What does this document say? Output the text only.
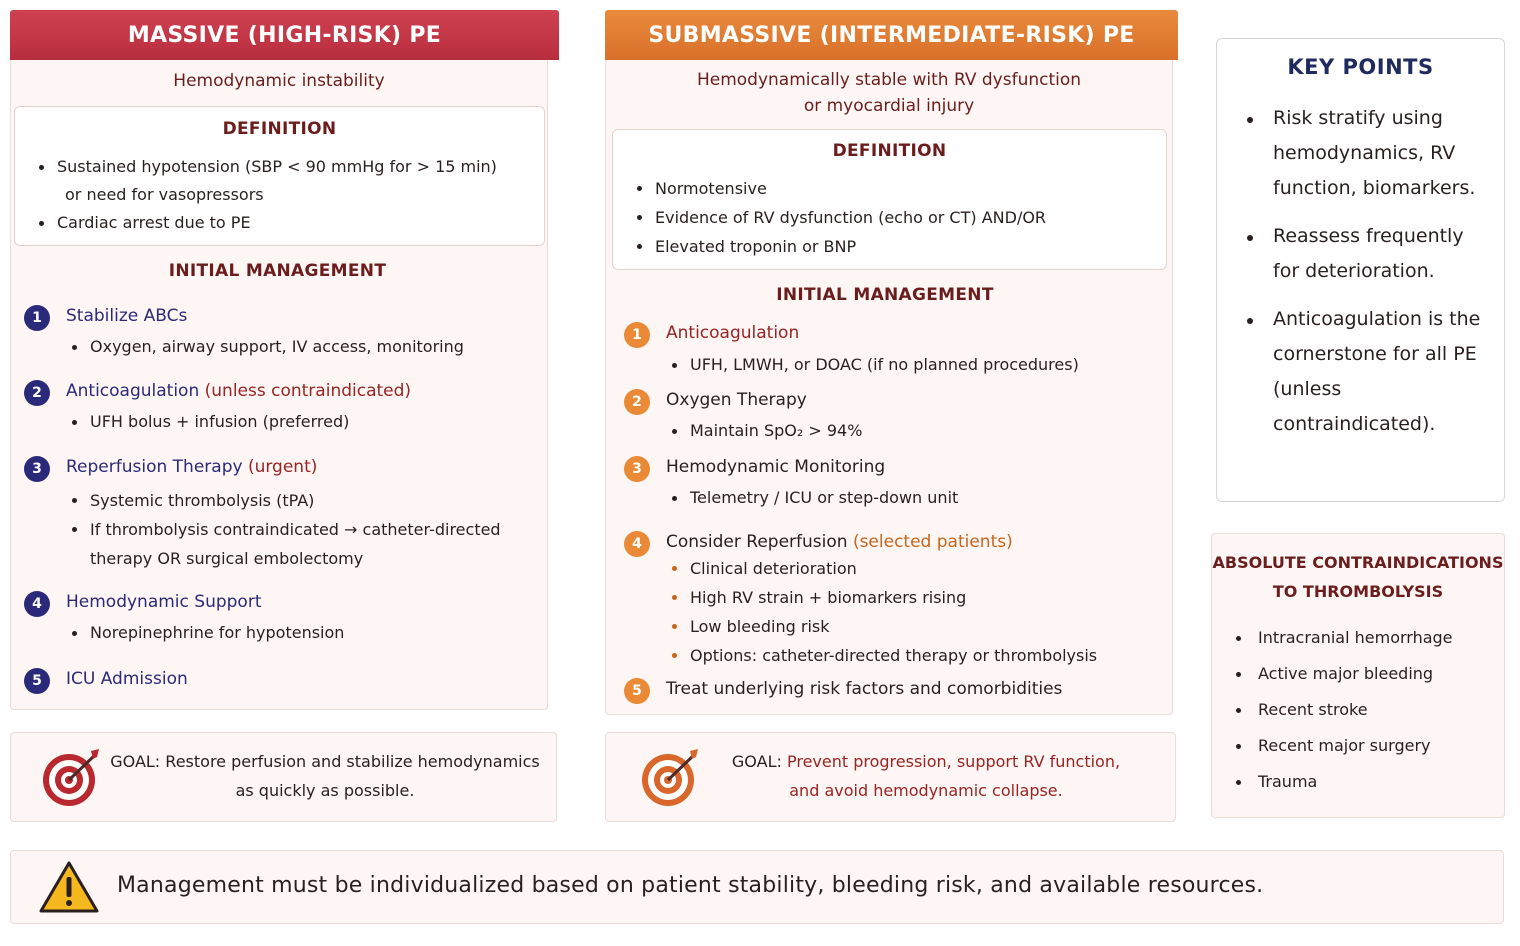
MASSIVE (HIGH-RISK) PE
Hemodynamic instability
DEFINITION
Sustained hypotension (SBP < 90 mmHg for > 15 min)
or need for vasopressors
Cardiac arrest due to PE
INITIAL MANAGEMENT
1	Stabilize ABCs
Oxygen, airway support, IV access, monitoring
2	Anticoagulation (unless contraindicated)
UFH bolus + infusion (preferred)
3	Reperfusion Therapy (urgent)
Systemic thrombolysis (tPA)
If thrombolysis contraindicated → catheter-directed
therapy OR surgical embolectomy
4	Hemodynamic Support
Norepinephrine for hypotension
5	ICU Admission
GOAL: Restore perfusion and stabilize hemodynamics
as quickly as possible.
SUBMASSIVE (INTERMEDIATE-RISK) PE
Hemodynamically stable with RV dysfunction
or myocardial injury
DEFINITION
Normotensive
Evidence of RV dysfunction (echo or CT) AND/OR
Elevated troponin or BNP
INITIAL MANAGEMENT
1	Anticoagulation
UFH, LMWH, or DOAC (if no planned procedures)
2	Oxygen Therapy
Maintain SpO₂ > 94%
3	Hemodynamic Monitoring
Telemetry / ICU or step-down unit
4	Consider Reperfusion (selected patients)
Clinical deterioration
High RV strain + biomarkers rising
Low bleeding risk
Options: catheter-directed therapy or thrombolysis
5	Treat underlying risk factors and comorbidities
GOAL: Prevent progression, support RV function,
and avoid hemodynamic collapse.
KEY POINTS
Risk stratify using hemodynamics, RV function, biomarkers.
Reassess frequently for deterioration.
Anticoagulation is the cornerstone for all PE (unless contraindicated).
ABSOLUTE CONTRAINDICATIONS
TO THROMBOLYSIS
Intracranial hemorrhage
Active major bleeding
Recent stroke
Recent major surgery
Trauma
Management must be individualized based on patient stability, bleeding risk, and available resources.
